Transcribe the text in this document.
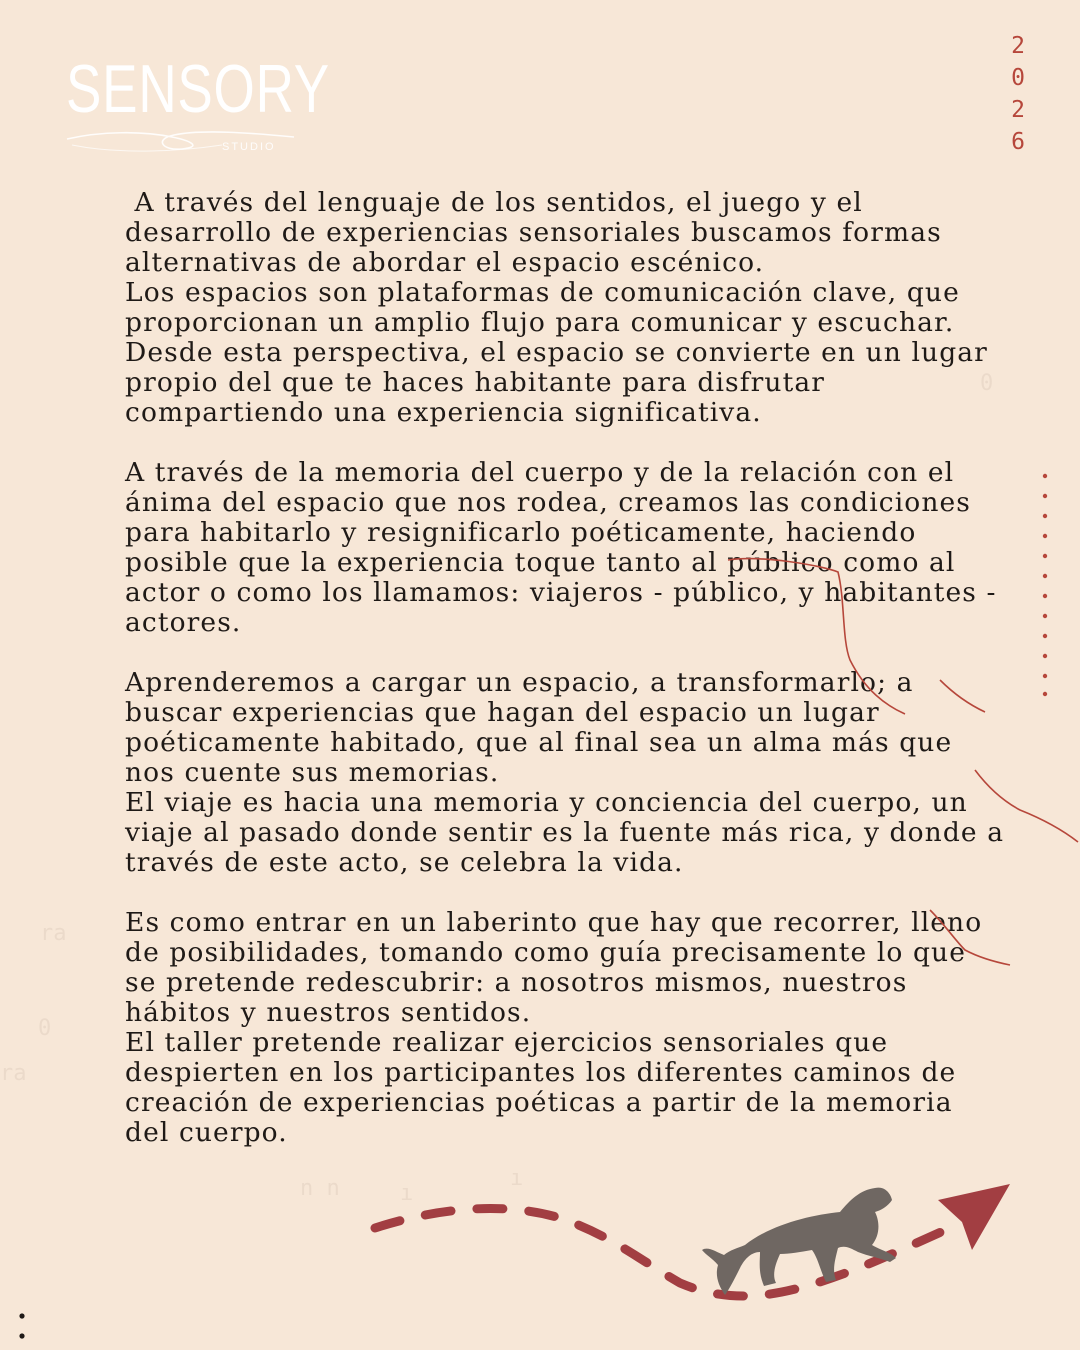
ra
ra
0
0
n n	ı
ı
SENSORY
STUDIO
2
0
2
6

A través del lenguaje de los sentidos, el juego y el desarrollo de experiencias sensoriales buscamos formas alternativas de abordar el espacio escénico.

Los espacios son plataformas de comunicación clave, que proporcionan un amplio flujo para comunicar y escuchar. Desde esta perspectiva, el espacio se convierte en un lugar propio del que te haces habitante para disfrutar compartiendo una experiencia significativa.

A través de la memoria del cuerpo y de la relación con el ánima del espacio que nos rodea, creamos las condiciones para habitarlo y resignificarlo poéticamente, haciendo posible que la experiencia toque tanto al público como al actor o como los llamamos: viajeros - público, y habitantes - actores.

Aprenderemos a cargar un espacio, a transformarlo; a buscar experiencias que hagan del espacio un lugar poéticamente habitado, que al final sea un alma más que nos cuente sus memorias.

El viaje es hacia una memoria y conciencia del cuerpo, un viaje al pasado donde sentir es la fuente más rica, y donde a través de este acto, se celebra la vida.

Es como entrar en un laberinto que hay que recorrer, lleno de posibilidades, tomando como guía precisamente lo que se pretende redescubrir: a nosotros mismos, nuestros hábitos y nuestros sentidos.

El taller pretende realizar ejercicios sensoriales que despierten en los participantes los diferentes caminos de creación de experiencias poéticas a partir de la memoria del cuerpo.
